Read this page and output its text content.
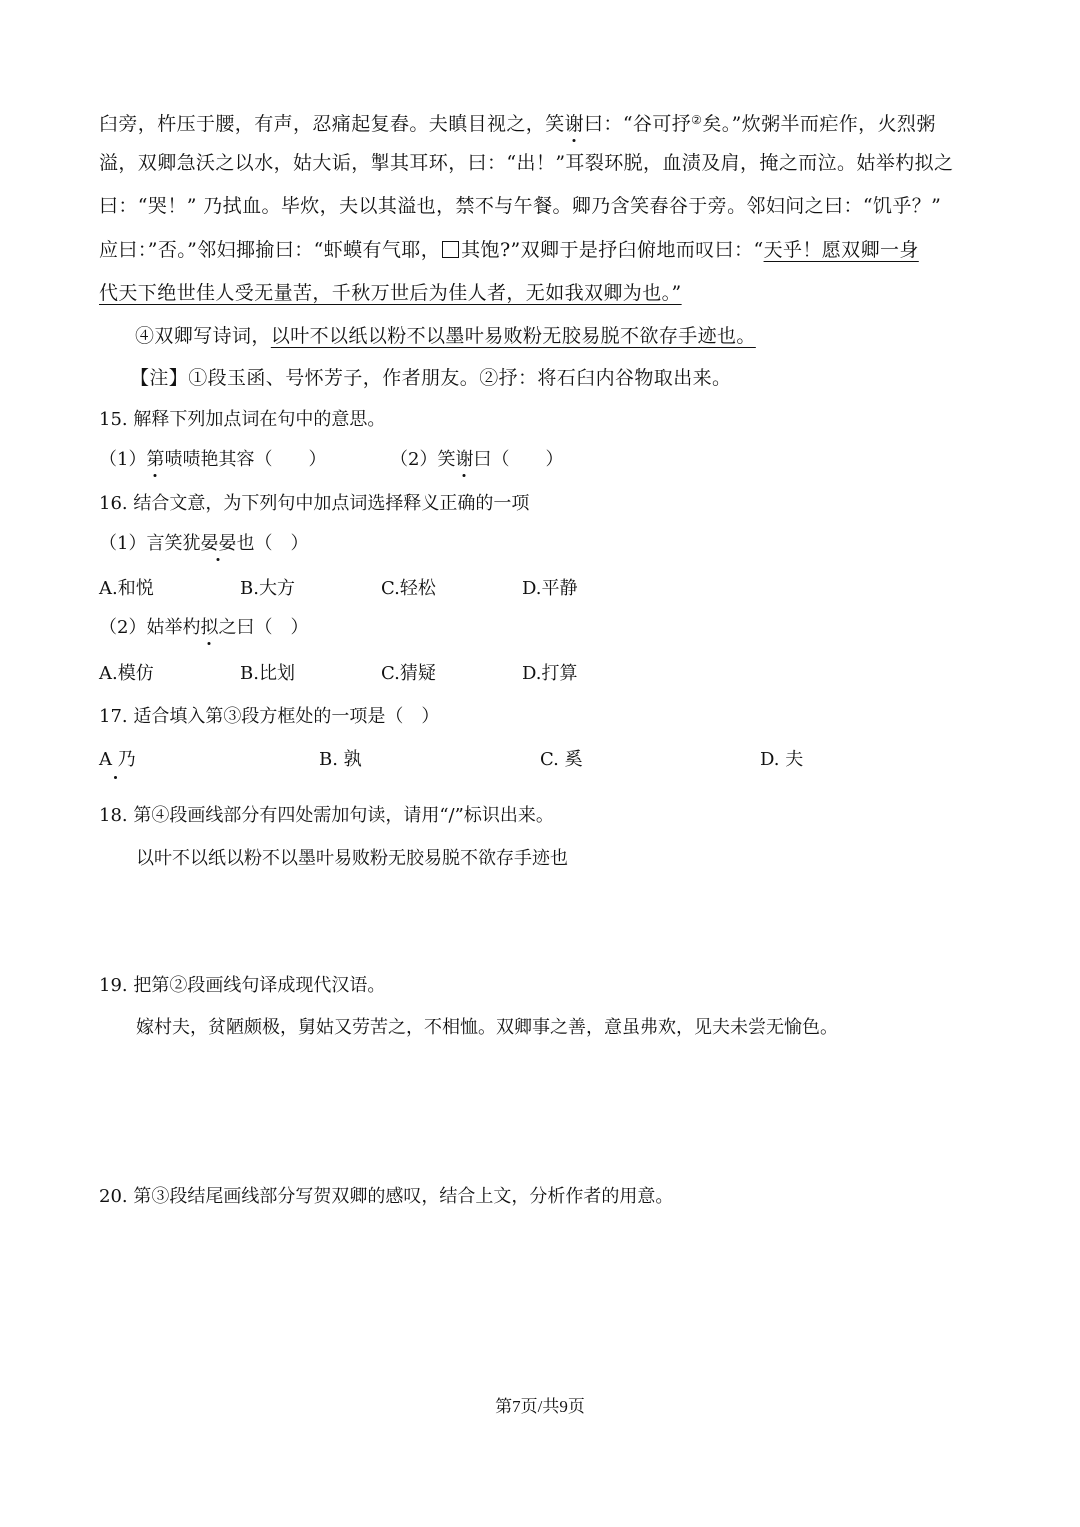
臼旁，杵压于腰，有声，忍痛起复舂。夫瞋目视之，笑谢曰：“谷可抒②矣。”炊粥半而疟作，火烈粥
溢，双卿急沃之以水，姑大诟，掣其耳环，曰：“出！”耳裂环脱，血渍及肩，掩之而泣。姑举杓拟之
曰：“哭！” 乃拭血。毕炊，夫以其溢也，禁不与午餐。卿乃含笑舂谷于旁。邻妇问之曰：“饥乎？”
应曰：”否。”邻妇揶揄曰：“虾蟆有气耶， 其饱?”双卿于是抒臼俯地而叹曰：“天乎！愿双卿一身
代天下绝世佳人受无量苦，千秋万世后为佳人者，无如我双卿为也。”
④双卿写诗词，以叶不以纸以粉不以墨叶易败粉无胶易脱不欲存手迹也。
【注】①段玉函、号怀芳子，作者朋友。②抒：将石臼内谷物取出来。
15. 解释下列加点词在句中的意思。
（1）第啧啧艳其容（　　）	（2）笑谢曰（　　）
16. 结合文意，为下列句中加点词选择释义正确的一项
（1）言笑犹晏晏也（　）
A.和悦	B.大方	C.轻松	D.平静
（2）姑举杓拟之曰（　）
A.模仿	B.比划	C.猜疑	D.打算
17. 适合填入第③段方框处的一项是（　）
A 乃	B. 孰	C. 奚	D. 夫
18. 第④段画线部分有四处需加句读，请用“/”标识出来。
以叶不以纸以粉不以墨叶易败粉无胶易脱不欲存手迹也
19. 把第②段画线句译成现代汉语。
嫁村夫，贫陋颇极，舅姑又劳苦之，不相恤。双卿事之善，意虽弗欢，见夫未尝无愉色。
20. 第③段结尾画线部分写贺双卿的感叹，结合上文，分析作者的用意。
第7页/共9页
